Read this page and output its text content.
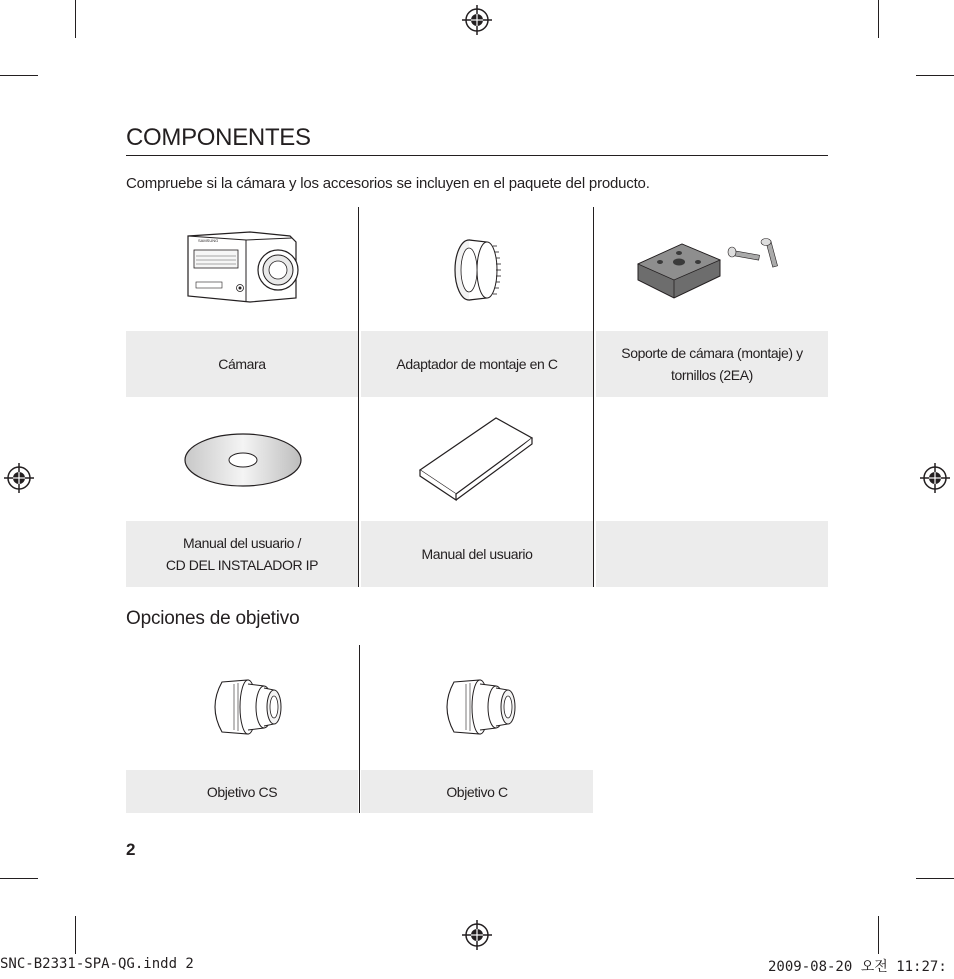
COMPONENTES
Compruebe si la cámara y los accesorios se incluyen en el paquete del producto.
Cámara	Adaptador de montaje en C
Soporte de cámara (montaje) y
tornillos (2EA)
Manual del usuario /
CD DEL INSTALADOR IP
Manual del usuario
SAMSUNG
Opciones de objetivo
Objetivo CS	Objetivo C
2
SNC-B2331-SPA-QG.indd 2	2009-08-20 오전 11:27:
